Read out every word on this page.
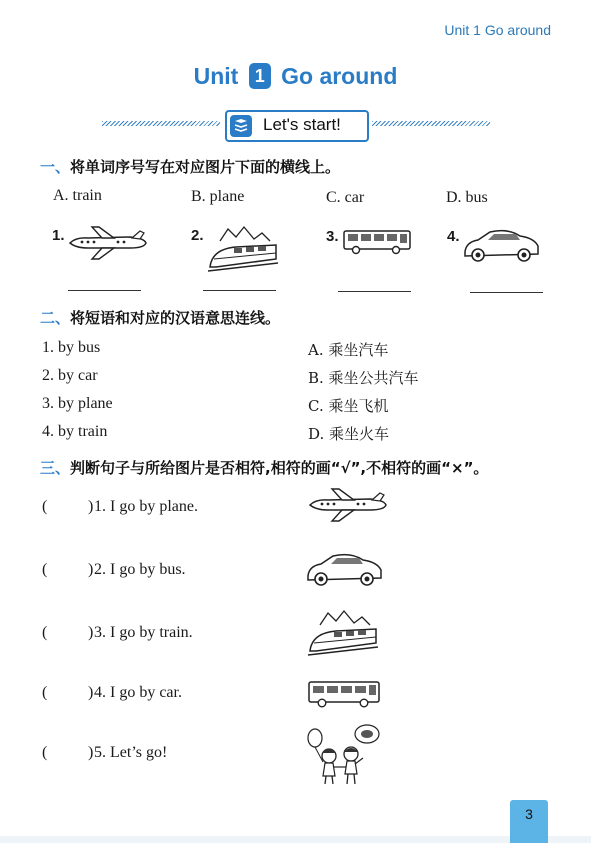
Unit 1 Go around
Unit 1 Go around
Let's start!
一、将单词序号写在对应图片下面的横线上。
A. train	B. plane	C. car	D. bus
1.	2.	3.	4.
二、将短语和对应的汉语意思连线。
1. by bus
2. by car
3. by plane
4. by train
A. 乘坐汽车
B. 乘坐公共汽车
C. 乘坐飞机
D. 乘坐火车
三、判断句子与所给图片是否相符,相符的画“√”,不相符的画“×”。
(	) 1. I go by plane.
(	) 2. I go by bus.
(	) 3. I go by train.
(	) 4. I go by car.
(	) 5. Let’s go!
3
